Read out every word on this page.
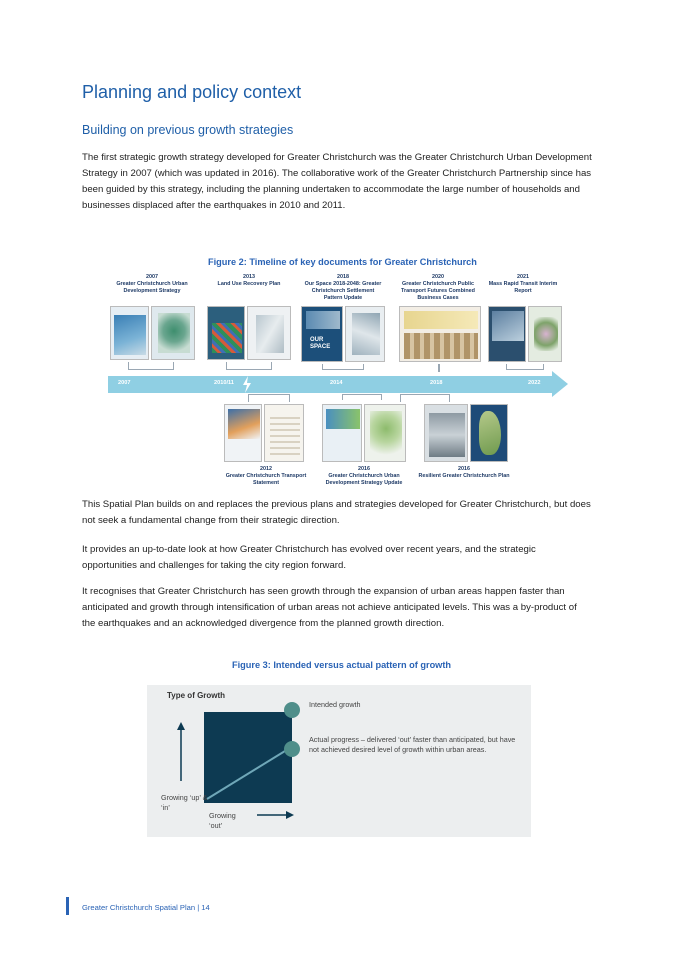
Planning and policy context
Building on previous growth strategies

The first strategic growth strategy developed for Greater Christchurch was the Greater Christchurch Urban Development Strategy in 2007 (which was updated in 2016). The collaborative work of the Greater Christchurch Partnership since has been guided by this strategy, including the planning undertaken to accommodate the large number of households and businesses displaced after the earthquakes in 2010 and 2011.

Figure 2: Timeline of key documents for Greater Christchurch
2007
Greater Christchurch Urban Development Strategy
2013
Land Use Recovery Plan
2018
Our Space 2018-2048: Greater Christchurch Settlement Pattern Update
2020
Greater Christchurch Public Transport Futures Combined Business Cases
2021
Mass Rapid Transit Interim Report
OUR SPACE
2007	2010/11	2014	2018	2022
2012
Greater Christchurch Transport Statement
2016
Greater Christchurch Urban Development Strategy Update
2016
Resilient Greater Christchurch Plan

This Spatial Plan builds on and replaces the previous plans and strategies developed for Greater Christchurch, but does not seek a fundamental change from their strategic direction.

It provides an up-to-date look at how Greater Christchurch has evolved over recent years, and the strategic opportunities and challenges for taking the city region forward.

It recognises that Greater Christchurch has seen growth through the expansion of urban areas happen faster than anticipated and growth through intensification of urban areas not achieve anticipated levels. This was a by-product of the earthquakes and an acknowledged divergence from the planned growth direction.

Figure 3: Intended versus actual pattern of growth
Type of Growth
Intended growth
Actual progress – delivered ‘out’ faster than anticipated, but have not achieved desired level of growth within urban areas.
Growing ‘up’ & ‘in’
Growing ‘out’
Greater Christchurch Spatial Plan | 14
